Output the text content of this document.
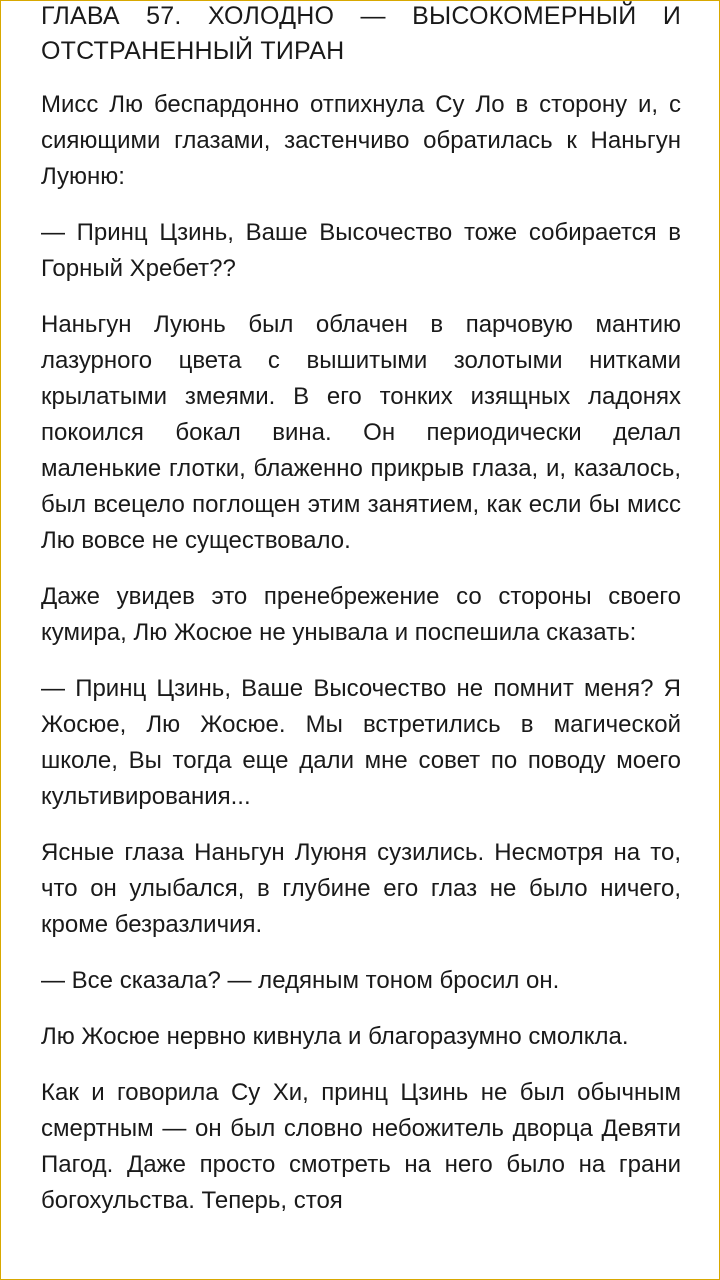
ГЛАВА 57. ХОЛОДНО — ВЫСОКОМЕРНЫЙ И ОТСТРАНЕННЫЙ ТИРАН

Мисс Лю беспардонно отпихнула Су Ло в сторону и, с сияющими глазами, застенчиво обратилась к Наньгун Луюню:

— Принц Цзинь, Ваше Высочество тоже собирается в Горный Хребет??

Наньгун Луюнь был облачен в парчовую мантию лазурного цвета с вышитыми золотыми нитками крылатыми змеями. В его тонких изящных ладонях покоился бокал вина. Он периодически делал маленькие глотки, блаженно прикрыв глаза, и, казалось, был всецело поглощен этим занятием, как если бы мисс Лю вовсе не существовало.

Даже увидев это пренебрежение со стороны своего кумира, Лю Жосюе не унывала и поспешила сказать:

— Принц Цзинь, Ваше Высочество не помнит меня? Я Жосюе, Лю Жосюе. Мы встретились в магической школе, Вы тогда еще дали мне совет по поводу моего культивирования...

Ясные глаза Наньгун Луюня сузились. Несмотря на то, что он улыбался, в глубине его глаз не было ничего, кроме безразличия.

— Все сказала? — ледяным тоном бросил он.

Лю Жосюе нервно кивнула и благоразумно смолкла.

Как и говорила Су Хи, принц Цзинь не был обычным смертным — он был словно небожитель дворца Девяти Пагод. Даже просто смотреть на него было на грани богохульства. Теперь, стоя
